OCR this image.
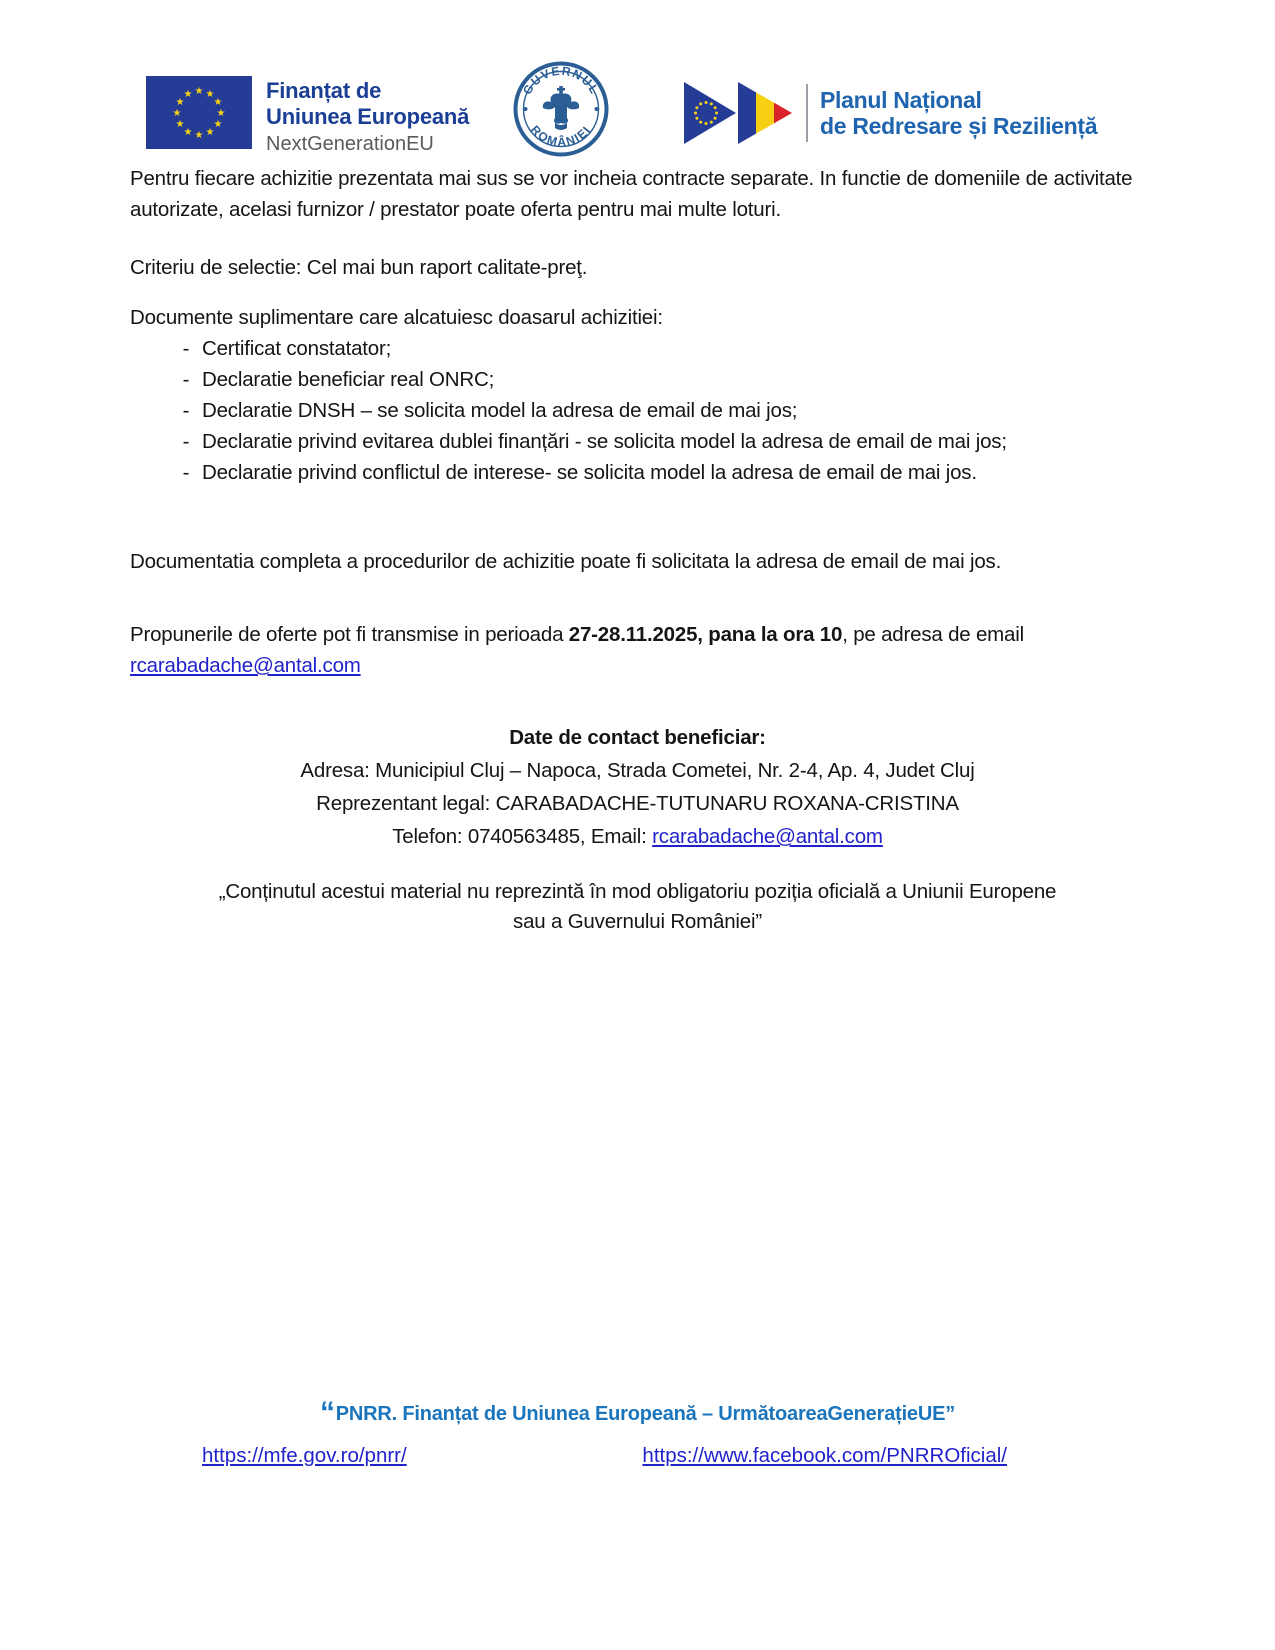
★ ★
★
★
★
★
★
★
★
★
★
★	Finanțat de
Uniunea Europeană
NextGenerationEU
GUVERNUL
ROMÂNIEI
Planul Național
de Redresare și Reziliență

Pentru fiecare achizitie prezentata mai sus se vor incheia contracte separate. In functie de domeniile de activitate autorizate, acelasi furnizor / prestator poate oferta pentru mai multe loturi.

Criteriu de selectie: Cel mai bun raport calitate-preţ.

Documente suplimentare care alcatuiesc doasarul achizitiei:

- Certificat constatator;
- Declaratie beneficiar real ONRC;
- Declaratie DNSH – se solicita model la adresa de email de mai jos;
- Declaratie privind evitarea dublei finanțări - se solicita model la adresa de email de mai jos;
- Declaratie privind conflictul de interese- se solicita model la adresa de email de mai jos.

Documentatia completa a procedurilor de achizitie poate fi solicitata la adresa de email de mai jos.

Propunerile de oferte pot fi transmise in perioada 27-28.11.2025, pana la ora 10, pe adresa de email
rcarabadache@antal.com

Date de contact beneficiar:
Adresa: Municipiul Cluj – Napoca, Strada Cometei, Nr. 2-4, Ap. 4, Judet Cluj
Reprezentant legal: CARABADACHE-TUTUNARU ROXANA-CRISTINA
Telefon: 0740563485, Email: rcarabadache@antal.com

„Conținutul acestui material nu reprezintă în mod obligatoriu poziția oficială a Uniunii Europene sau a Guvernului României”

“PNRR. Finanțat de Uniunea Europeană – UrmătoareaGenerațieUE”
https://mfe.gov.ro/pnrr/	https://www.facebook.com/PNRROficial/
